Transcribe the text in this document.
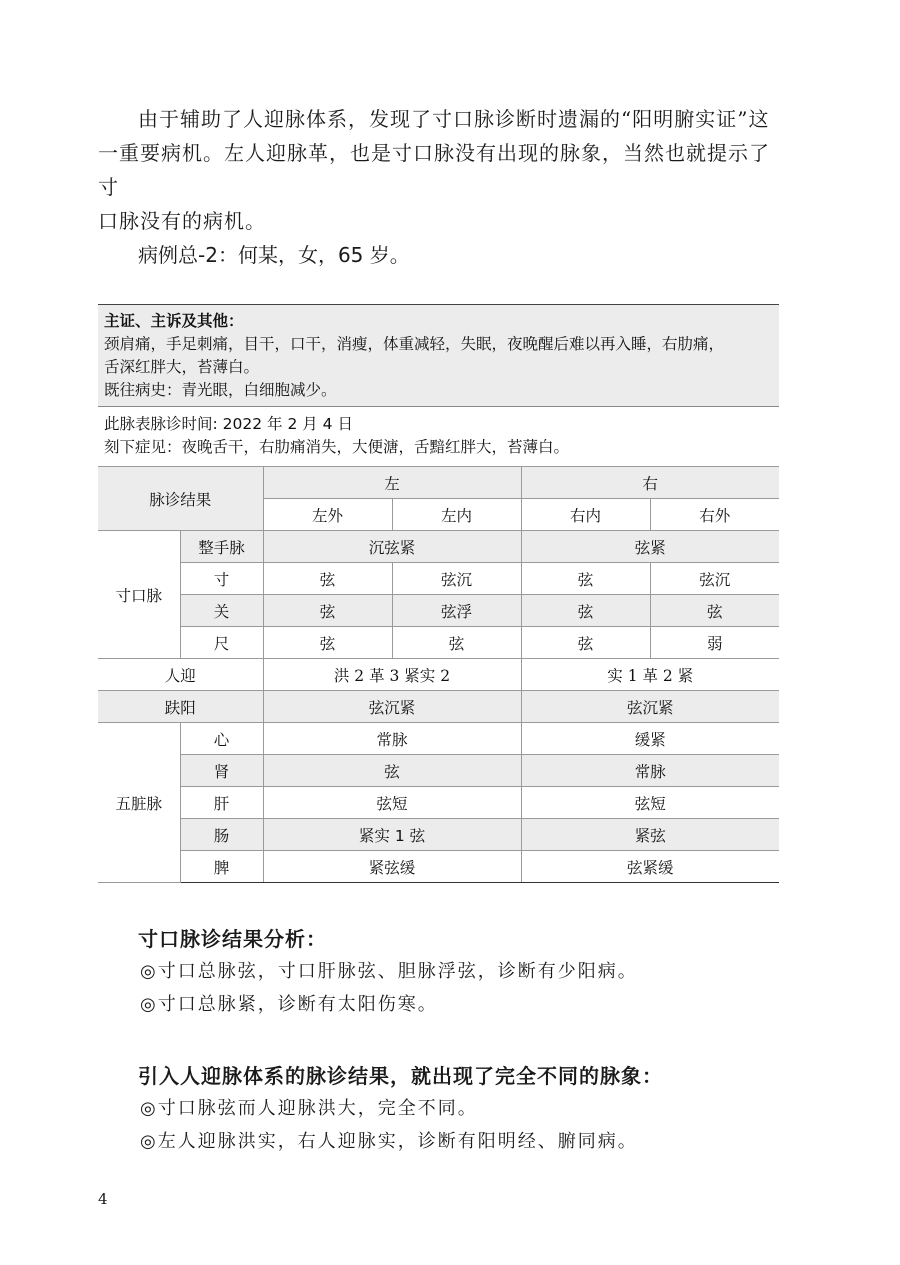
由于辅助了人迎脉体系，发现了寸口脉诊断时遗漏的“阳明腑实证”这
一重要病机。左人迎脉革，也是寸口脉没有出现的脉象，当然也就提示了寸
口脉没有的病机。

病例总-2：何某，女，65 岁。

主证、主诉及其他：
颈肩痛，手足刺痛，目干，口干，消瘦，体重减轻，失眠，夜晚醒后难以再入睡，右肋痛，
舌深红胖大，苔薄白。
既往病史：青光眼，白细胞减少。
此脉表脉诊时间: 2022 年 2 月 4 日
刻下症见：夜晚舌干，右肋痛消失，大便溏，舌黯红胖大，苔薄白。
脉诊结果		左		右	
		左外	左内	右内	右外
寸口脉	整手脉	沉弦紧		弦紧	
	寸	弦	弦沉	弦	弦沉
	关	弦	弦浮	弦	弦
	尺	弦	弦	弦	弱
人迎		洪 2 革 3 紧实 2		实 1 革 2 紧	
趺阳		弦沉紧		弦沉紧	
五脏脉	心	常脉		缓紧	
	肾	弦		常脉	
	肝	弦短		弦短	
	肠	紧实 1 弦		紧弦	
	脾	紧弦缓		弦紧缓	

寸口脉诊结果分析：

◎寸口总脉弦，寸口肝脉弦、胆脉浮弦，诊断有少阳病。

◎寸口总脉紧，诊断有太阳伤寒。

引入人迎脉体系的脉诊结果，就出现了完全不同的脉象：

◎寸口脉弦而人迎脉洪大，完全不同。

◎左人迎脉洪实，右人迎脉实，诊断有阳明经、腑同病。

4
